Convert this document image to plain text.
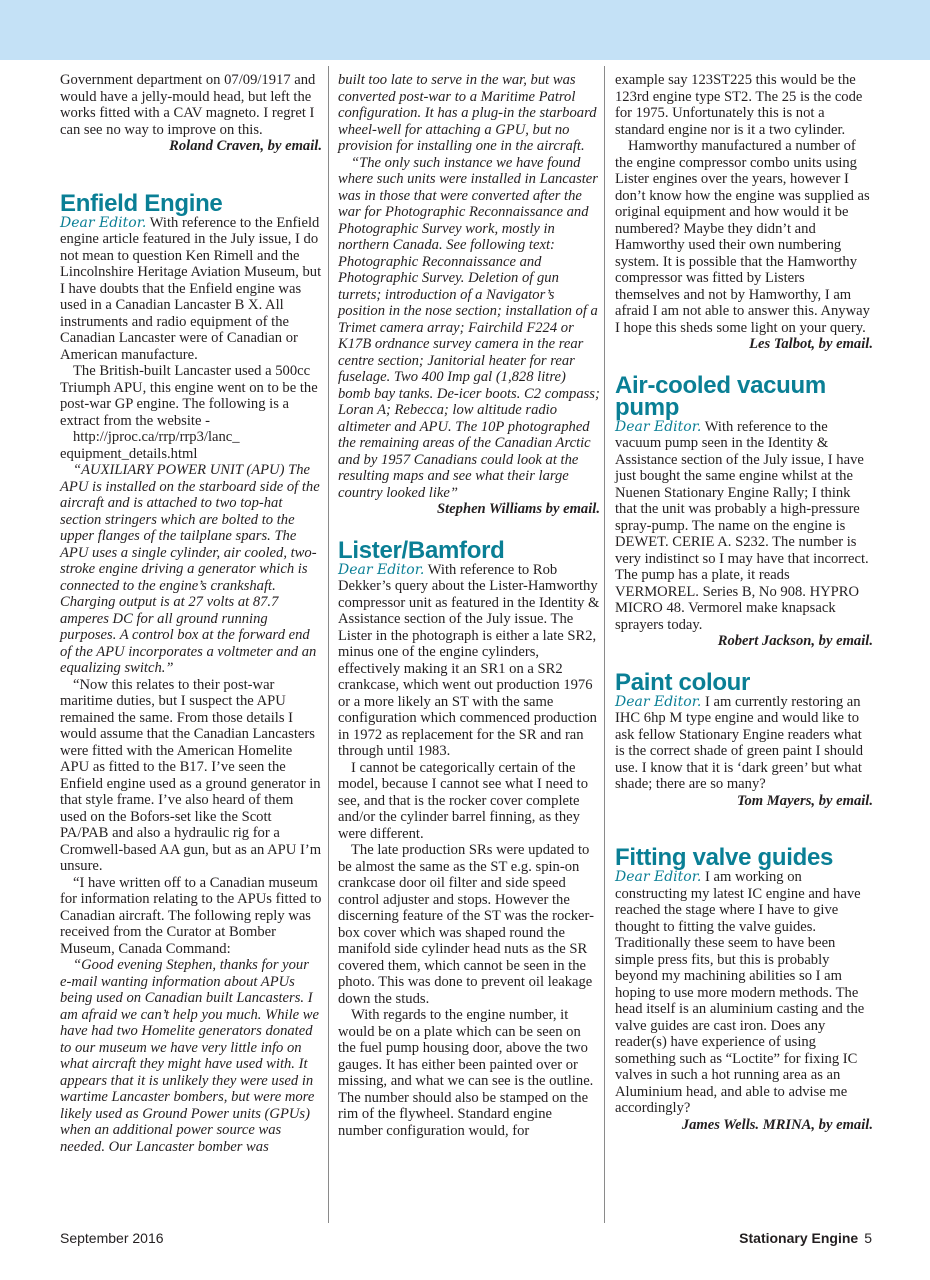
Government department on 07/09/1917 and would have a jelly-mould head, but left the works fitted with a CAV magneto. I regret I can see no way to improve on this.

Roland Craven, by email.

Enfield Engine

Dear Editor. With reference to the Enfield engine article featured in the July issue, I do not mean to question Ken Rimell and the Lincolnshire Heritage Aviation Museum, but I have doubts that the Enfield engine was used in a Canadian Lancaster B X. All instruments and radio equipment of the Canadian Lancaster were of Canadian or American manufacture.

The British-built Lancaster used a 500cc Triumph APU, this engine went on to be the post-war GP engine. The following is a extract from the website -

http://jproc.ca/rrp/rrp3/lanc_ equipment_details.html

“AUXILIARY POWER UNIT (APU) The APU is installed on the starboard side of the aircraft and is attached to two top-hat section stringers which are bolted to the upper flanges of the tailplane spars. The APU uses a single cylinder, air cooled, two-stroke engine driving a generator which is connected to the engine’s crankshaft. Charging output is at 27 volts at 87.7 amperes DC for all ground running purposes. A control box at the forward end of the APU incorporates a voltmeter and an equalizing switch.”

“Now this relates to their post-war maritime duties, but I suspect the APU remained the same. From those details I would assume that the Canadian Lancasters were fitted with the American Homelite APU as fitted to the B17. I’ve seen the Enfield engine used as a ground generator in that style frame. I’ve also heard of them used on the Bofors-set like the Scott PA/PAB and also a hydraulic rig for a Cromwell-based AA gun, but as an APU I’m unsure.

“I have written off to a Canadian museum for information relating to the APUs fitted to Canadian aircraft. The following reply was received from the Curator at Bomber Museum, Canada Command:

“Good evening Stephen, thanks for your e-mail wanting information about APUs being used on Canadian built Lancasters. I am afraid we can’t help you much. While we have had two Homelite generators donated to our museum we have very little info on what aircraft they might have used with. It appears that it is unlikely they were used in wartime Lancaster bombers, but were more likely used as Ground Power units (GPUs) when an additional power source was needed. Our Lancaster bomber was

built too late to serve in the war, but was converted post-war to a Maritime Patrol configuration. It has a plug-in the starboard wheel-well for attaching a GPU, but no provision for installing one in the aircraft.

“The only such instance we have found where such units were installed in Lancaster was in those that were converted after the war for Photographic Reconnaissance and Photographic Survey work, mostly in northern Canada. See following text: Photographic Reconnaissance and Photographic Survey. Deletion of gun turrets; introduction of a Navigator’s position in the nose section; installation of a Trimet camera array; Fairchild F224 or K17B ordnance survey camera in the rear centre section; Janitorial heater for rear fuselage. Two 400 Imp gal (1,828 litre) bomb bay tanks. De-icer boots. C2 compass; Loran A; Rebecca; low altitude radio altimeter and APU. The 10P photographed the remaining areas of the Canadian Arctic and by 1957 Canadians could look at the resulting maps and see what their large country looked like”

Stephen Williams by email.

Lister/Bamford

Dear Editor. With reference to Rob Dekker’s query about the Lister-Hamworthy compressor unit as featured in the Identity & Assistance section of the July issue. The Lister in the photograph is either a late SR2, minus one of the engine cylinders, effectively making it an SR1 on a SR2 crankcase, which went out production 1976 or a more likely an ST with the same configuration which commenced production in 1972 as replacement for the SR and ran through until 1983.

I cannot be categorically certain of the model, because I cannot see what I need to see, and that is the rocker cover complete and/or the cylinder barrel finning, as they were different.

The late production SRs were updated to be almost the same as the ST e.g. spin-on crankcase door oil filter and side speed control adjuster and stops. However the discerning feature of the ST was the rocker-box cover which was shaped round the manifold side cylinder head nuts as the SR covered them, which cannot be seen in the photo. This was done to prevent oil leakage down the studs.

With regards to the engine number, it would be on a plate which can be seen on the fuel pump housing door, above the two gauges. It has either been painted over or missing, and what we can see is the outline. The number should also be stamped on the rim of the flywheel. Standard engine number configuration would, for

example say 123ST225 this would be the 123rd engine type ST2. The 25 is the code for 1975. Unfortunately this is not a standard engine nor is it a two cylinder.

Hamworthy manufactured a number of the engine compressor combo units using Lister engines over the years, however I don’t know how the engine was supplied as original equipment and how would it be numbered? Maybe they didn’t and Hamworthy used their own numbering system. It is possible that the Hamworthy compressor was fitted by Listers themselves and not by Hamworthy, I am afraid I am not able to answer this. Anyway I hope this sheds some light on your query.

Les Talbot, by email.

Air-cooled vacuum pump

Dear Editor. With reference to the vacuum pump seen in the Identity & Assistance section of the July issue, I have just bought the same engine whilst at the Nuenen Stationary Engine Rally; I think that the unit was probably a high-pressure spray-pump. The name on the engine is DEWET. CERIE A. S232. The number is very indistinct so I may have that incorrect. The pump has a plate, it reads VERMOREL. Series B, No 908. HYPRO MICRO 48. Vermorel make knapsack sprayers today.

Robert Jackson, by email.

Paint colour

Dear Editor. I am currently restoring an IHC 6hp M type engine and would like to ask fellow Stationary Engine readers what is the correct shade of green paint I should use. I know that it is ‘dark green’ but what shade; there are so many?

Tom Mayers, by email.

Fitting valve guides

Dear Editor. I am working on constructing my latest IC engine and have reached the stage where I have to give thought to fitting the valve guides. Traditionally these seem to have been simple press fits, but this is probably beyond my machining abilities so I am hoping to use more modern methods. The head itself is an aluminium casting and the valve guides are cast iron. Does any reader(s) have experience of using something such as “Loctite” for fixing IC valves in such a hot running area as an Aluminium head, and able to advise me accordingly?

James Wells. MRINA, by email.

September 2016	Stationary Engine 5
